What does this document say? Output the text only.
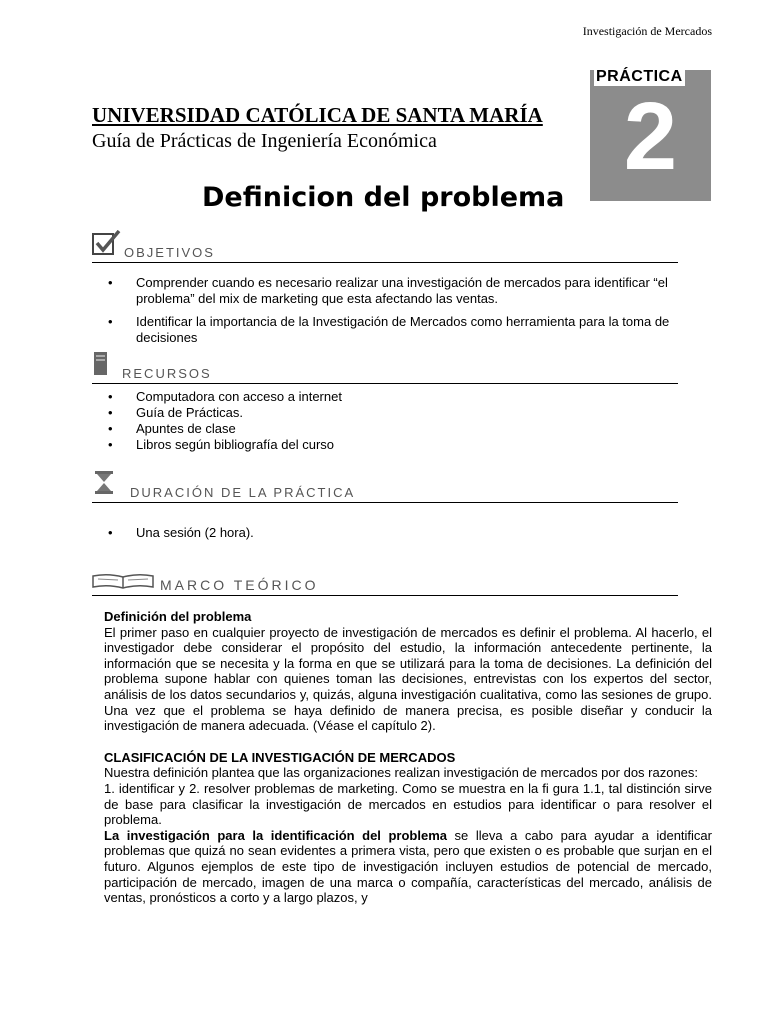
Investigación de Mercados
PRÁCTICA
2
UNIVERSIDAD CATÓLICA DE SANTA MARÍA
Guía de Prácticas de Ingeniería Económica
Definicion del problema
OBJETIVOS
• Comprender cuando es necesario realizar una investigación de mercados para identificar “el problema” del mix de marketing que esta afectando las ventas.
• Identificar la importancia de la Investigación de Mercados como herramienta para la toma de decisiones
RECURSOS
• Computadora con acceso a internet
• Guía de Prácticas.
• Apuntes de clase
• Libros según bibliografía del curso
DURACIÓN DE LA PRÁCTICA
• Una sesión (2 hora).
MARCO TEÓRICO

Definición del problema

El primer paso en cualquier proyecto de investigación de mercados es definir el problema. Al hacerlo, el investigador debe considerar el propósito del estudio, la información antecedente pertinente, la información que se necesita y la forma en que se utilizará para la toma de decisiones. La definición del problema supone hablar con quienes toman las decisiones, entrevistas con los expertos del sector, análisis de los datos secundarios y, quizás, alguna investigación cualitativa, como las sesiones de grupo. Una vez que el problema se haya definido de manera precisa, es posible diseñar y conducir la investigación de manera adecuada. (Véase el capítulo 2).

CLASIFICACIÓN DE LA INVESTIGACIÓN DE MERCADOS

Nuestra definición plantea que las organizaciones realizan investigación de mercados por dos razones:

1. identificar y 2. resolver problemas de marketing. Como se muestra en la fi gura 1.1, tal distinción sirve de base para clasificar la investigación de mercados en estudios para identificar o para resolver el problema.

La investigación para la identificación del problema se lleva a cabo para ayudar a identificar problemas que quizá no sean evidentes a primera vista, pero que existen o es probable que surjan en el futuro. Algunos ejemplos de este tipo de investigación incluyen estudios de potencial de mercado, participación de mercado, imagen de una marca o compañía, características del mercado, análisis de ventas, pronósticos a corto y a largo plazos, y
